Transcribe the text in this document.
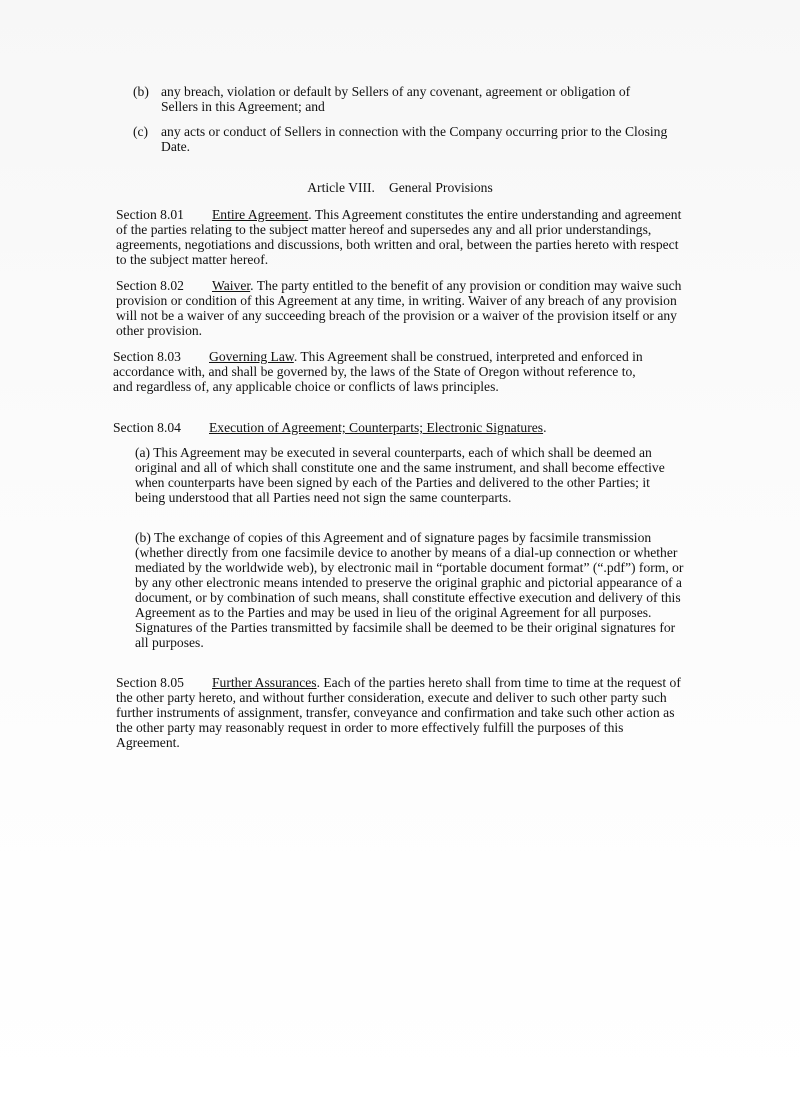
(b) any breach, violation or default by Sellers of any covenant, agreement or obligation of Sellers in this Agreement; and
(c) any acts or conduct of Sellers in connection with the Company occurring prior to the Closing Date.
Article VIII. General Provisions

Section 8.01 Entire Agreement. This Agreement constitutes the entire understanding and agreement of the parties relating to the subject matter hereof and supersedes any and all prior understandings, agreements, negotiations and discussions, both written and oral, between the parties hereto with respect to the subject matter hereof.

Section 8.02 Waiver. The party entitled to the benefit of any provision or condition may waive such provision or condition of this Agreement at any time, in writing. Waiver of any breach of any provision will not be a waiver of any succeeding breach of the provision or a waiver of the provision itself or any other provision.

Section 8.03 Governing Law. This Agreement shall be construed, interpreted and enforced in accordance with, and shall be governed by, the laws of the State of Oregon without reference to, and regardless of, any applicable choice or conflicts of laws principles.

Section 8.04 Execution of Agreement; Counterparts; Electronic Signatures.

(a) This Agreement may be executed in several counterparts, each of which shall be deemed an original and all of which shall constitute one and the same instrument, and shall become effective when counterparts have been signed by each of the Parties and delivered to the other Parties; it being understood that all Parties need not sign the same counterparts.

(b) The exchange of copies of this Agreement and of signature pages by facsimile transmission (whether directly from one facsimile device to another by means of a dial-up connection or whether mediated by the worldwide web), by electronic mail in “portable document format” (“.pdf”) form, or by any other electronic means intended to preserve the original graphic and pictorial appearance of a document, or by combination of such means, shall constitute effective execution and delivery of this Agreement as to the Parties and may be used in lieu of the original Agreement for all purposes. Signatures of the Parties transmitted by facsimile shall be deemed to be their original signatures for all purposes.

Section 8.05 Further Assurances. Each of the parties hereto shall from time to time at the request of the other party hereto, and without further consideration, execute and deliver to such other party such further instruments of assignment, transfer, conveyance and confirmation and take such other action as the other party may reasonably request in order to more effectively fulfill the purposes of this Agreement.
